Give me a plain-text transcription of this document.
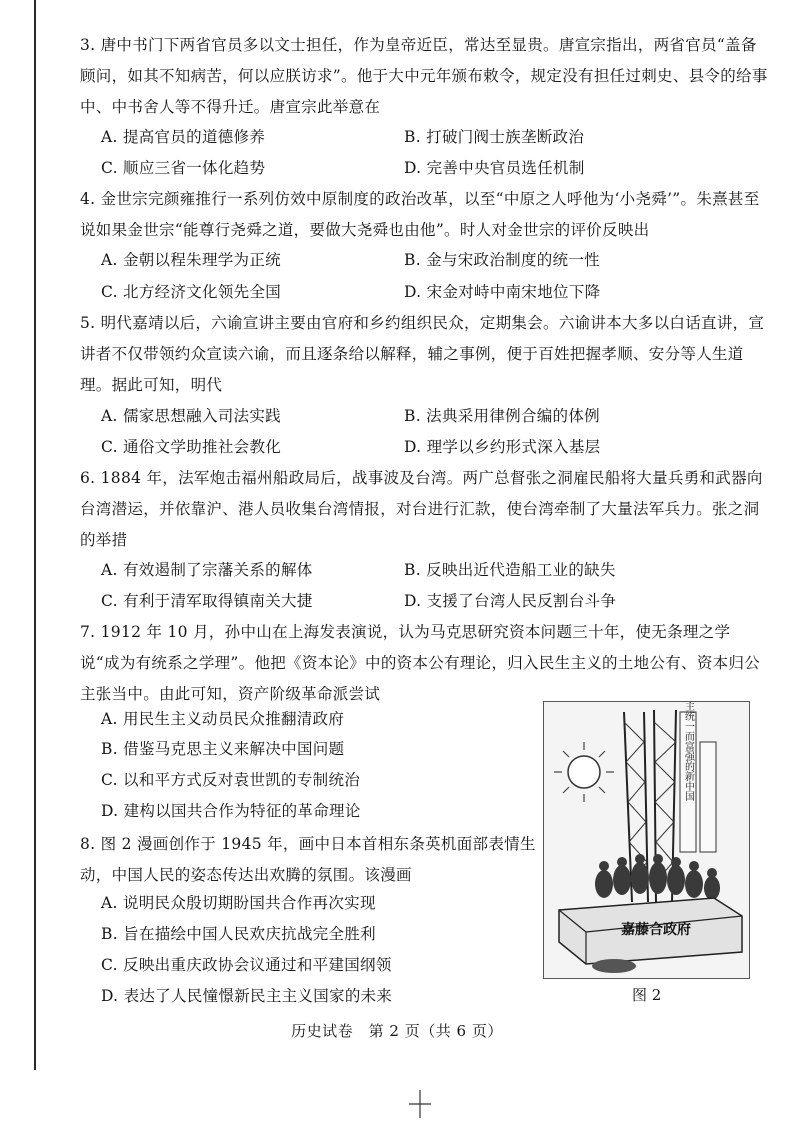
3. 唐中书门下两省官员多以文士担任，作为皇帝近臣，常达至显贵。唐宣宗指出，两省官员“盖备顾问，如其不知病苦，何以应朕访求”。他于大中元年颁布敕令，规定没有担任过刺史、县令的给事中、中书舍人等不得升迁。唐宣宗此举意在
A. 提高官员的道德修养	B. 打破门阀士族垄断政治
C. 顺应三省一体化趋势	D. 完善中央官员选任机制
4. 金世宗完颜雍推行一系列仿效中原制度的政治改革，以至“中原之人呼他为‘小尧舜’”。朱熹甚至说如果金世宗“能尊行尧舜之道，要做大尧舜也由他”。时人对金世宗的评价反映出
A. 金朝以程朱理学为正统	B. 金与宋政治制度的统一性
C. 北方经济文化领先全国	D. 宋金对峙中南宋地位下降
5. 明代嘉靖以后，六谕宣讲主要由官府和乡约组织民众，定期集会。六谕讲本大多以白话直讲，宣讲者不仅带领约众宣读六谕，而且逐条给以解释，辅之事例，便于百姓把握孝顺、安分等人生道理。据此可知，明代
A. 儒家思想融入司法实践	B. 法典采用律例合编的体例
C. 通俗文学助推社会教化	D. 理学以乡约形式深入基层
6. 1884 年，法军炮击福州船政局后，战事波及台湾。两广总督张之洞雇民船将大量兵勇和武器向台湾潜运，并依靠沪、港人员收集台湾情报，对台进行汇款，使台湾牵制了大量法军兵力。张之洞的举措
A. 有效遏制了宗藩关系的解体	B. 反映出近代造船工业的缺失
C. 有利于清军取得镇南关大捷	D. 支援了台湾人民反割台斗争
7. 1912 年 10 月，孙中山在上海发表演说，认为马克思研究资本问题三十年，使无条理之学说“成为有统系之学理”。他把《资本论》中的资本公有理论，归入民生主义的土地公有、资本归公主张当中。由此可知，资产阶级革命派尝试
A. 用民生主义动员民众推翻清政府
B. 借鉴马克思主义来解决中国问题
C. 以和平方式反对袁世凯的专制统治
D. 建构以国共合作为特征的革命理论
8. 图 2 漫画创作于 1945 年，画中日本首相东条英机面部表情生动，中国人民的姿态传达出欢腾的氛围。该漫画
A. 说明民众殷切期盼国共合作再次实现
B. 旨在描绘中国人民欢庆抗战完全胜利
C. 反映出重庆政协会议通过和平建国纲领
D. 表达了人民憧憬新民主主义国家的未来
独立自由民主统一而富强的新中国
嘉藤合政府
图 2
历史试卷　第 2 页（共 6 页）
